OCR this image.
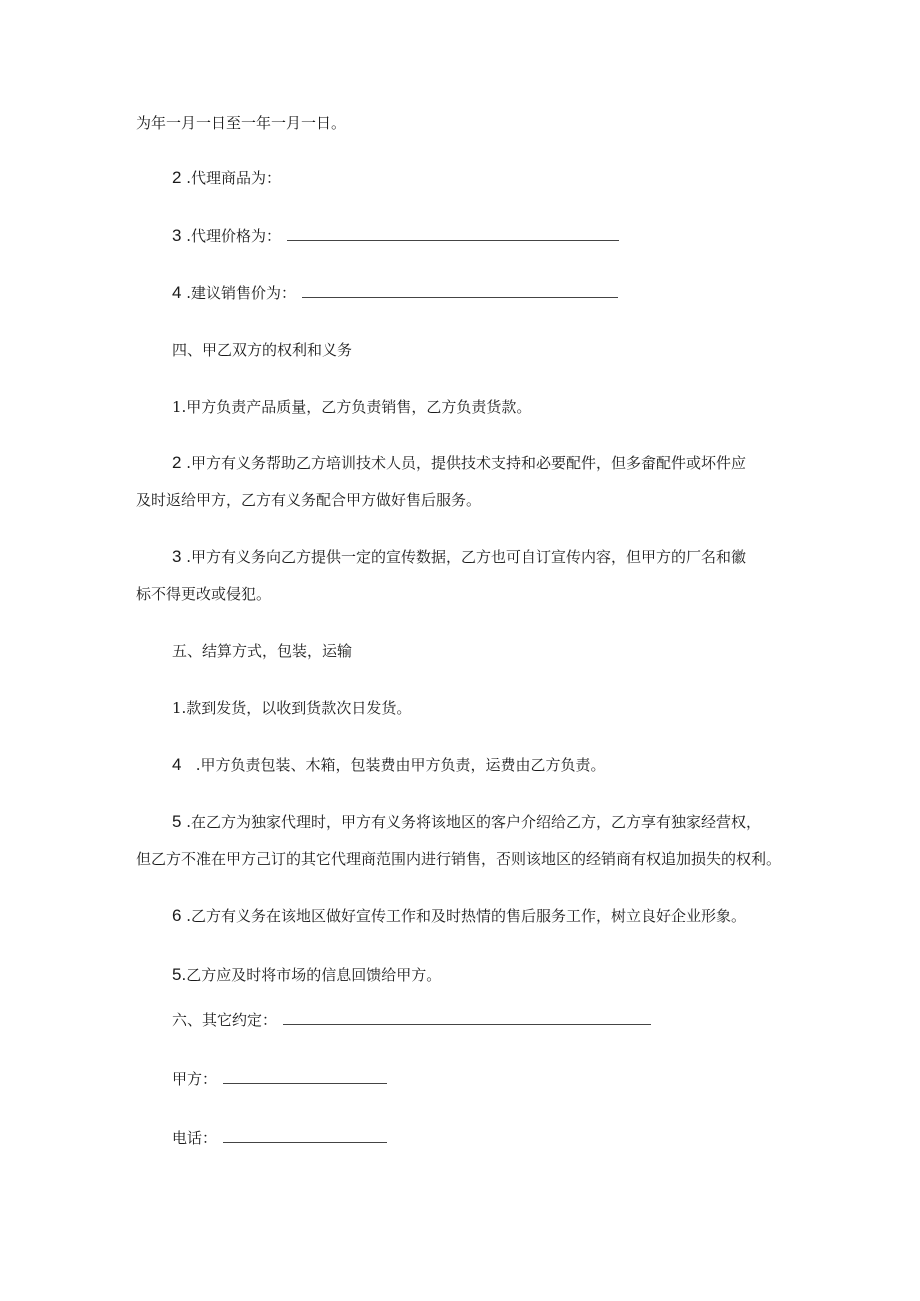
为年一月一日至一年一月一日。
2 .代理商品为：
3 .代理价格为：
4 .建议销售价为：
四、甲乙双方的权利和义务
1.甲方负责产品质量，乙方负责销售，乙方负责货款。
2 .甲方有义务帮助乙方培训技术人员，提供技术支持和必要配件，但多畲配件或坏件应
及时返给甲方，乙方有义务配合甲方做好售后服务。
3 .甲方有义务向乙方提供一定的宣传数据，乙方也可自订宣传内容，但甲方的厂名和徽
标不得更改或侵犯。
五、结算方式，包装，运输
1.款到发货，以收到货款次日发货。
4   .甲方负责包装、木箱，包装费由甲方负责，运费由乙方负责。
5 .在乙方为独家代理时，甲方有义务将该地区的客户介绍给乙方，乙方享有独家经营权，
但乙方不准在甲方己订的其它代理商范围内进行销售，否则该地区的经销商有权追加损失的权利。
6 .乙方有义务在该地区做好宣传工作和及时热情的售后服务工作，树立良好企业形象。
5.乙方应及时将市场的信息回馈给甲方。
六、其它约定：
甲方：
电话：
